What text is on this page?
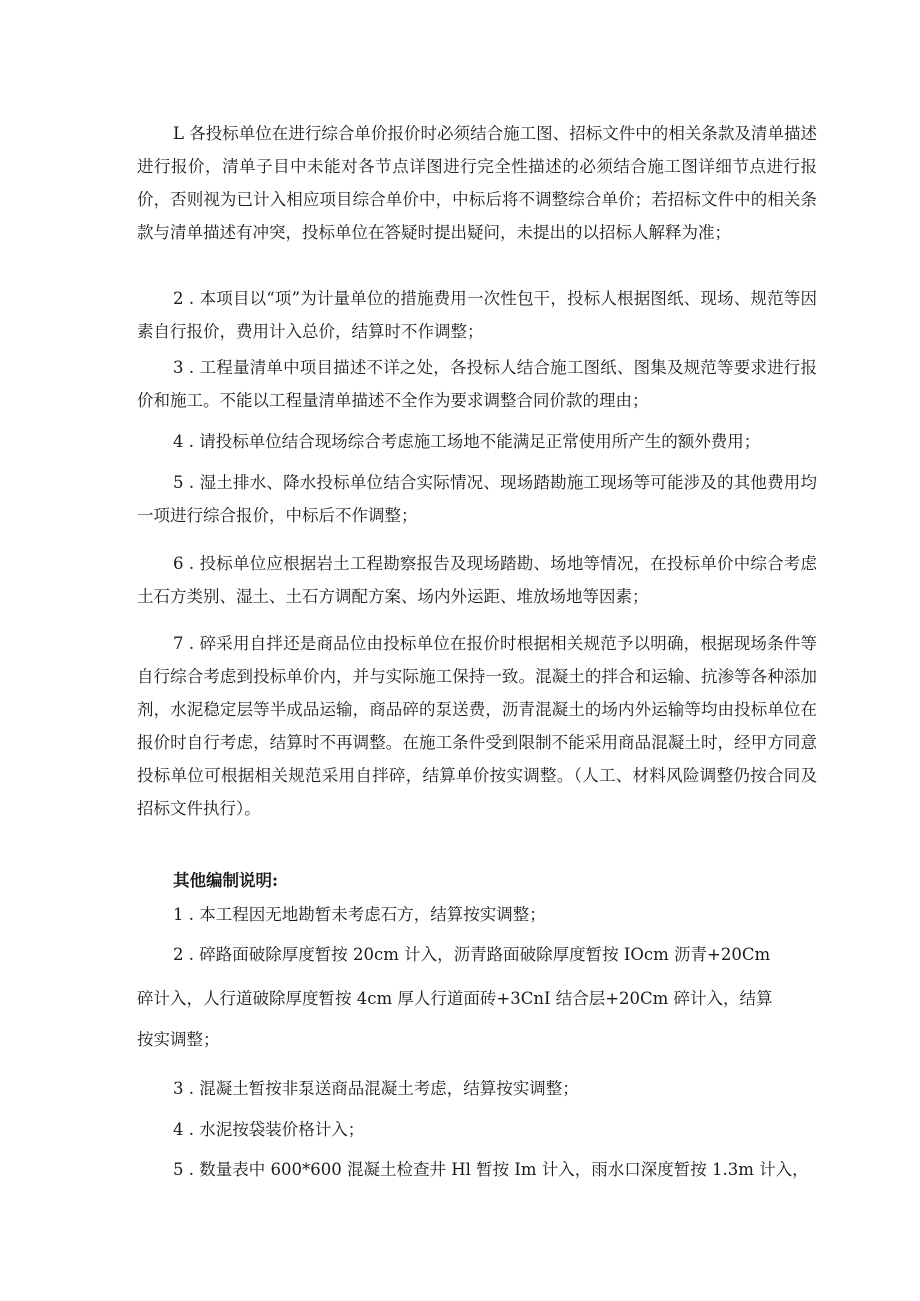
L 各投标单位在进行综合单价报价时必须结合施工图、招标文件中的相关条款及清单描述进行报价，清单子目中未能对各节点详图进行完全性描述的必须结合施工图详细节点进行报价，否则视为已计入相应项目综合单价中，中标后将不调整综合单价；若招标文件中的相关条款与清单描述有冲突，投标单位在答疑时提出疑问，未提出的以招标人解释为准；

2 . 本项目以“项”为计量单位的措施费用一次性包干，投标人根据图纸、现场、规范等因素自行报价，费用计入总价，结算时不作调整；

3 . 工程量清单中项目描述不详之处，各投标人结合施工图纸、图集及规范等要求进行报价和施工。不能以工程量清单描述不全作为要求调整合同价款的理由；

4 . 请投标单位结合现场综合考虑施工场地不能满足正常使用所产生的额外费用；

5 . 湿土排水、降水投标单位结合实际情况、现场踏勘施工现场等可能涉及的其他费用均一项进行综合报价，中标后不作调整；

6 . 投标单位应根据岩土工程勘察报告及现场踏勘、场地等情况，在投标单价中综合考虑土石方类别、湿土、土石方调配方案、场内外运距、堆放场地等因素；

7 . 碎采用自拌还是商品位由投标单位在报价时根据相关规范予以明确，根据现场条件等自行综合考虑到投标单价内，并与实际施工保持一致。混凝土的拌合和运输、抗渗等各种添加剂，水泥稳定层等半成品运输，商品碎的泵送费，沥青混凝土的场内外运输等均由投标单位在报价时自行考虑，结算时不再调整。在施工条件受到限制不能采用商品混凝土时，经甲方同意投标单位可根据相关规范采用自拌碎，结算单价按实调整。（人工、材料风险调整仍按合同及招标文件执行）。

其他编制说明:

1 . 本工程因无地勘暂未考虑石方，结算按实调整；

2 . 碎路面破除厚度暂按 20cm 计入，沥青路面破除厚度暂按 IOcm 沥青+20Cm

碎计入，人行道破除厚度暂按 4cm 厚人行道面砖+3CnI 结合层+20Cm 碎计入，结算

按实调整；

3 . 混凝土暂按非泵送商品混凝土考虑，结算按实调整；

4 . 水泥按袋装价格计入；

5 . 数量表中 600*600 混凝土检查井 Hl 暂按 Im 计入，雨水口深度暂按 1.3m 计入，
